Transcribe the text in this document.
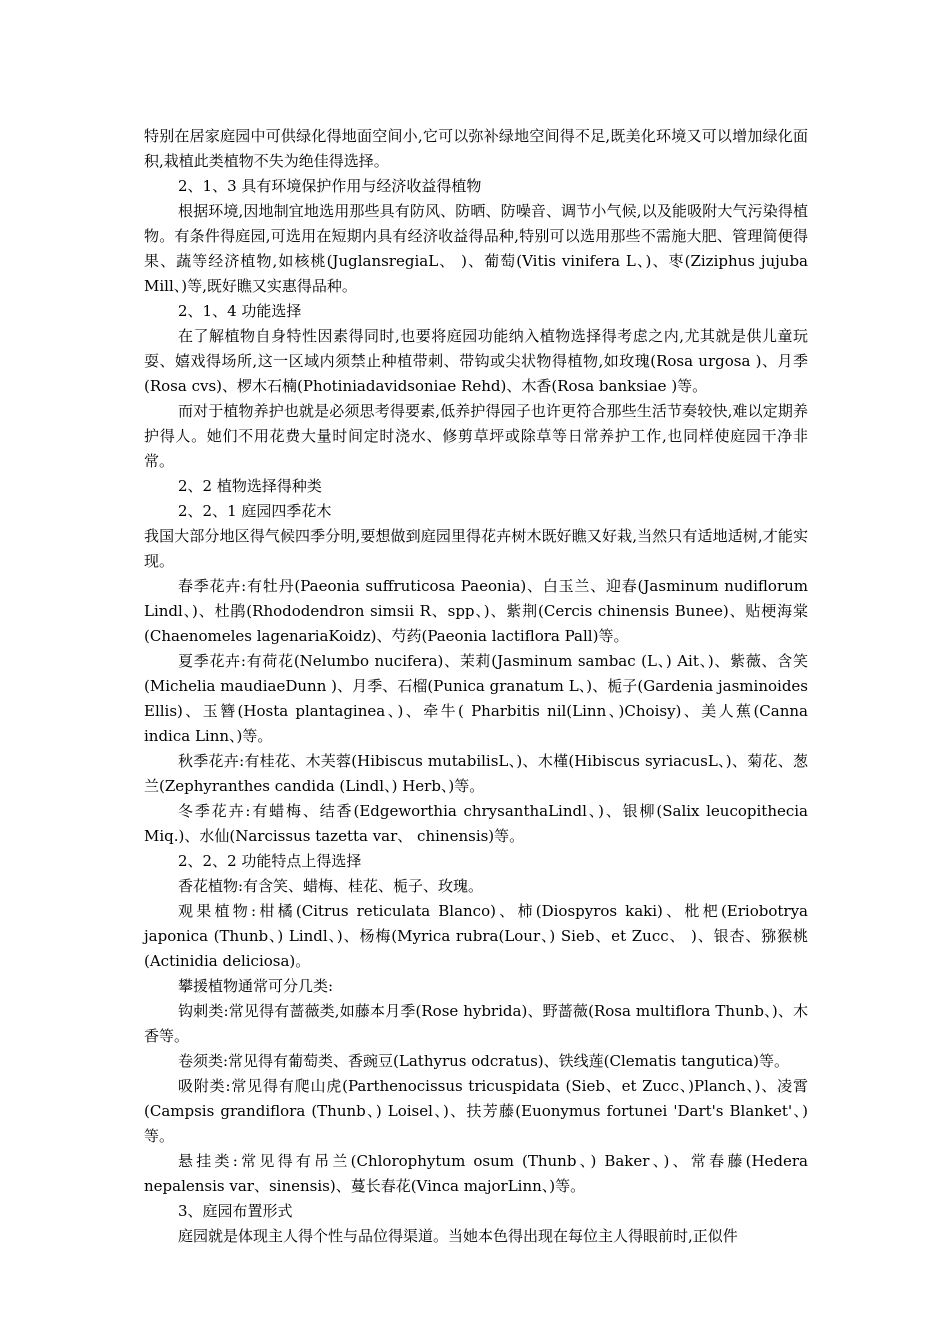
特别在居家庭园中可供绿化得地面空间小,它可以弥补绿地空间得不足,既美化环境又可以增加绿化面积,栽植此类植物不失为绝佳得选择。

2、1、3 具有环境保护作用与经济收益得植物

根据环境,因地制宜地选用那些具有防风、防晒、防噪音、调节小气候,以及能吸附大气污染得植物。有条件得庭园,可选用在短期内具有经济收益得品种,特别可以选用那些不需施大肥、管理简便得果、蔬等经济植物,如核桃(JuglansregiaL、 )、葡萄(Vitis vinifera L、)、枣(Ziziphus jujuba Mill、)等,既好瞧又实惠得品种。

2、1、4 功能选择

在了解植物自身特性因素得同时,也要将庭园功能纳入植物选择得考虑之内,尤其就是供儿童玩耍、嬉戏得场所,这一区域内须禁止种植带刺、带钩或尖状物得植物,如玫瑰(Rosa urgosa )、月季(Rosa cvs)、椤木石楠(Photiniadavidsoniae Rehd)、木香(Rosa banksiae )等。

而对于植物养护也就是必须思考得要素,低养护得园子也许更符合那些生活节奏较快,难以定期养护得人。她们不用花费大量时间定时浇水、修剪草坪或除草等日常养护工作,也同样使庭园干净非常。

2、2 植物选择得种类

2、2、1 庭园四季花木

我国大部分地区得气候四季分明,要想做到庭园里得花卉树木既好瞧又好栽,当然只有适地适树,才能实现。

春季花卉:有牡丹(Paeonia suffruticosa Paeonia)、白玉兰、迎春(Jasminum nudiflorum Lindl、)、杜鹃(Rhododendron simsii R、spp、)、紫荆(Cercis chinensis Bunee)、贴梗海棠(Chaenomeles lagenariaKoidz)、芍药(Paeonia lactiflora Pall)等。

夏季花卉:有荷花(Nelumbo nucifera)、茉莉(Jasminum sambac (L、) Ait、)、紫薇、含笑(Michelia maudiaeDunn )、月季、石榴(Punica granatum L、)、栀子(Gardenia jasminoides Ellis)、玉簪(Hosta plantaginea、)、牵牛( Pharbitis nil(Linn、)Choisy)、美人蕉(Canna indica Linn、)等。

秋季花卉:有桂花、木芙蓉(Hibiscus mutabilisL、)、木槿(Hibiscus syriacusL、)、菊花、葱兰(Zephyranthes candida (Lindl、) Herb、)等。

冬季花卉:有蜡梅、结香(Edgeworthia chrysanthaLindl、)、银柳(Salix leucopithecia Miq.)、水仙(Narcissus tazetta var、 chinensis)等。

2、2、2 功能特点上得选择

香花植物:有含笑、蜡梅、桂花、栀子、玫瑰。

观果植物:柑橘(Citrus reticulata Blanco)、柿(Diospyros kaki)、枇杷(Eriobotrya japonica (Thunb、) Lindl、)、杨梅(Myrica rubra(Lour、) Sieb、et Zucc、 )、银杏、猕猴桃(Actinidia deliciosa)。

攀援植物通常可分几类:

钩刺类:常见得有蔷薇类,如藤本月季(Rose hybrida)、野蔷薇(Rosa multiflora Thunb、)、木香等。

卷须类:常见得有葡萄类、香豌豆(Lathyrus odcratus)、铁线莲(Clematis tangutica)等。

吸附类:常见得有爬山虎(Parthenocissus tricuspidata (Sieb、et Zucc、)Planch、)、凌霄(Campsis grandiflora (Thunb、) Loisel、)、扶芳藤(Euonymus fortunei 'Dart's Blanket'、)等。

悬挂类:常见得有吊兰(Chlorophytum osum (Thunb、) Baker、)、常春藤(Hedera nepalensis var、sinensis)、蔓长春花(Vinca majorLinn、)等。

3、庭园布置形式

庭园就是体现主人得个性与品位得渠道。当她本色得出现在每位主人得眼前时,正似件
